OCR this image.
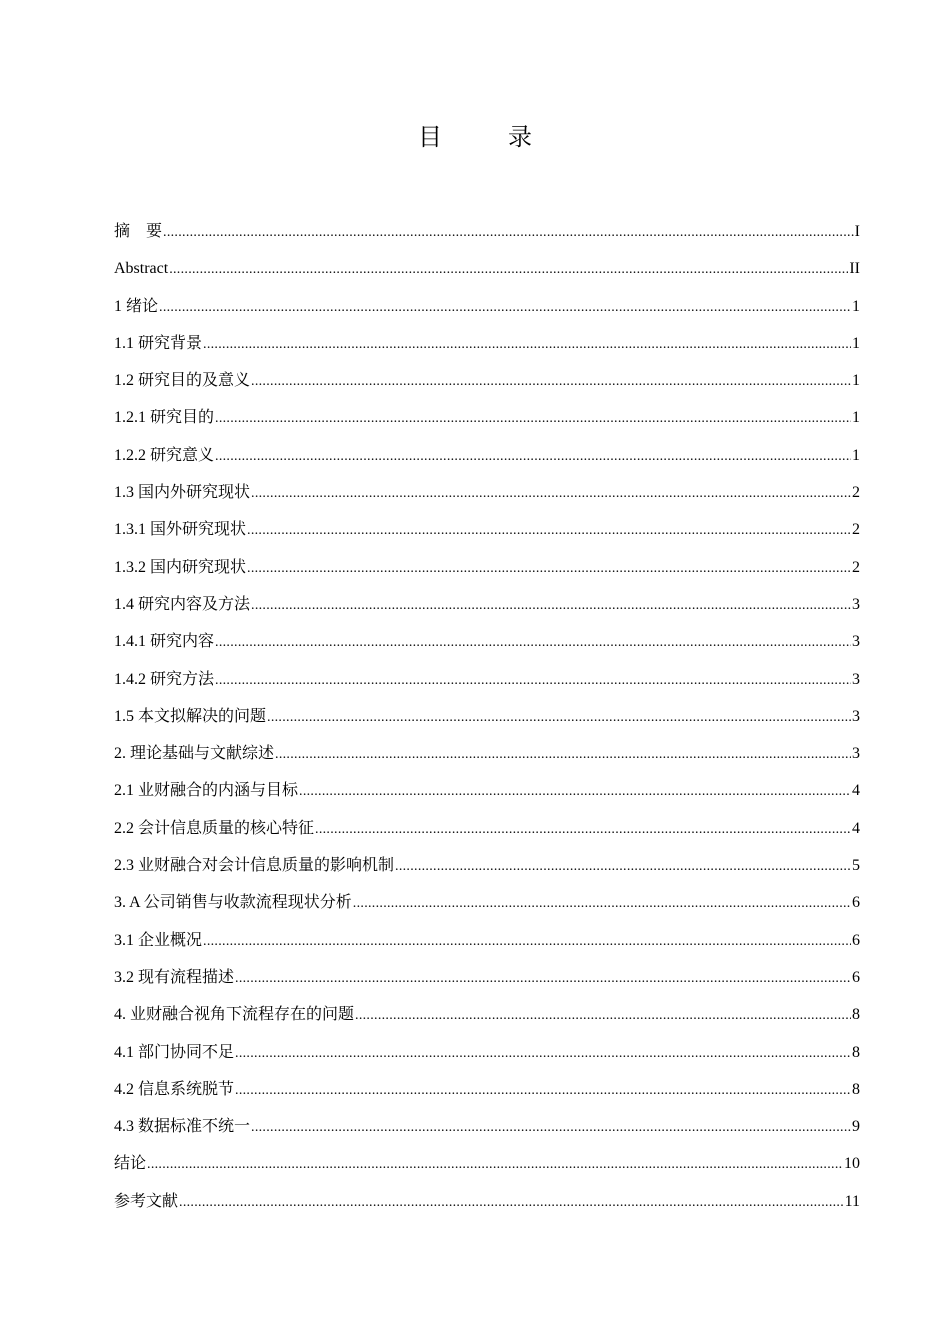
目 录
摘　要 .....	I
Abstract .....	II
1 绪论 .....	1
1.1 研究背景 .....	1
1.2 研究目的及意义 .....	1
1.2.1 研究目的 .....	1
1.2.2 研究意义 .....	1
1.3 国内外研究现状 .....	2
1.3.1 国外研究现状 .....	2
1.3.2 国内研究现状 .....	2
1.4 研究内容及方法 .....	3
1.4.1 研究内容 .....	3
1.4.2 研究方法 .....	3
1.5 本文拟解决的问题 .....	3
2. 理论基础与文献综述 .....	3
2.1 业财融合的内涵与目标 .....	4
2.2 会计信息质量的核心特征 .....	4
2.3 业财融合对会计信息质量的影响机制 .....	5
3. A 公司销售与收款流程现状分析 .....	6
3.1 企业概况 .....	6
3.2 现有流程描述 .....	6
4. 业财融合视角下流程存在的问题 .....	8
4.1 部门协同不足 .....	8
4.2 信息系统脱节 .....	8
4.3 数据标准不统一 .....	9
结论 .....	10
参考文献 .....	11
